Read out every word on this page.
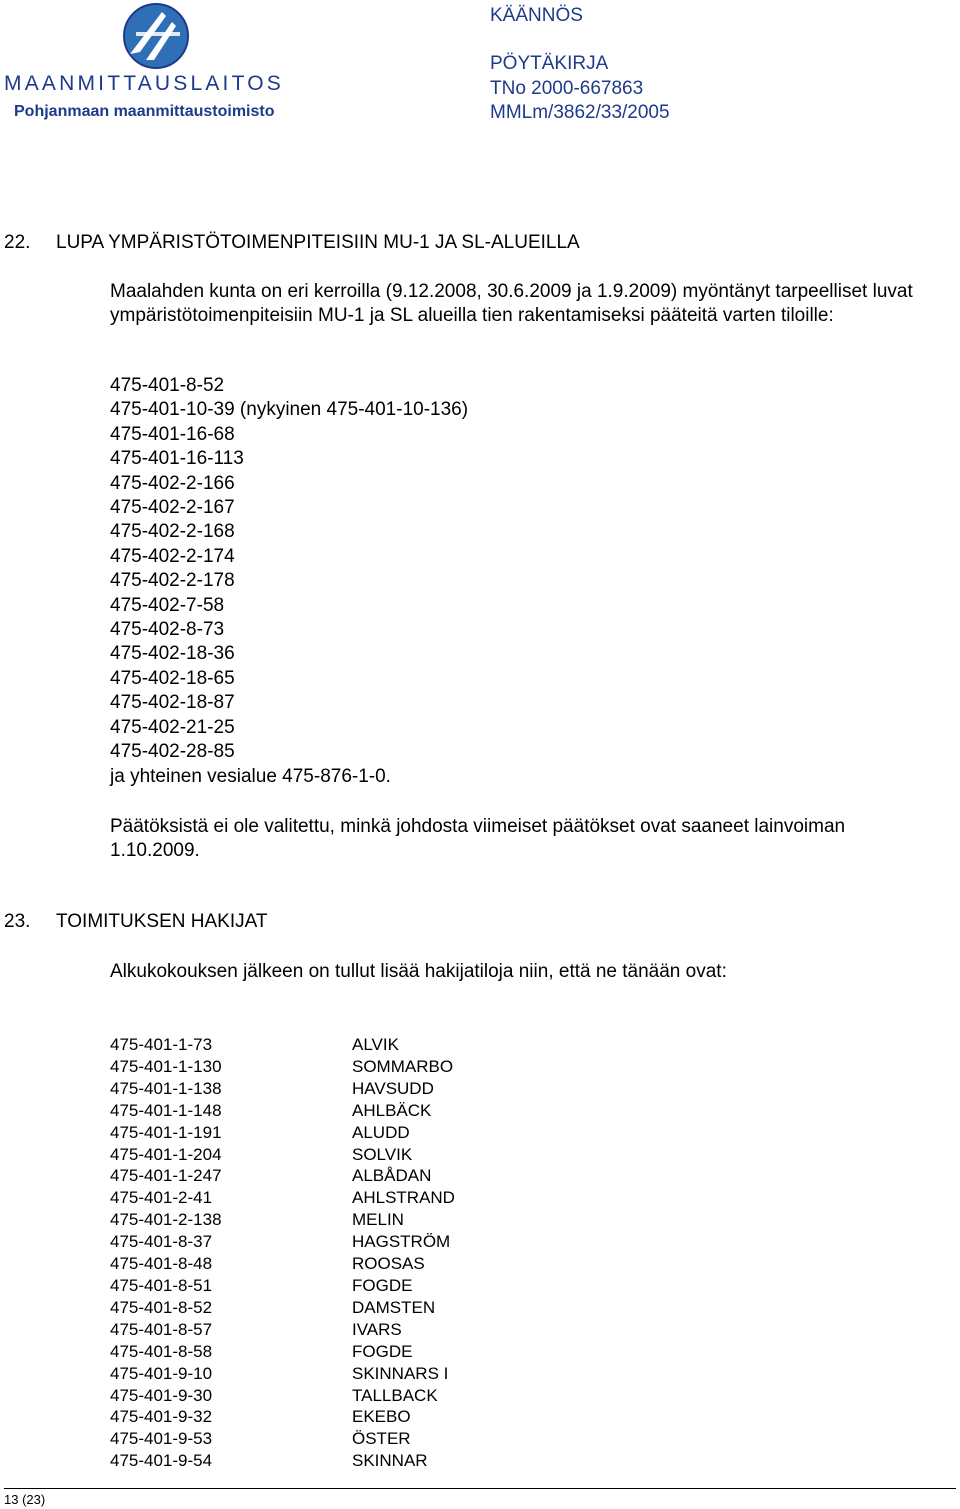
MAANMITTAUSLAITOS
Pohjanmaan maanmittaustoimisto
KÄÄNNÖS
PÖYTÄKIRJA
TNo 2000-667863
MMLm/3862/33/2005
22. LUPA YMPÄRISTÖTOIMENPITEISIIN MU-1 JA SL-ALUEILLA
Maalahden kunta on eri kerroilla (9.12.2008, 30.6.2009 ja 1.9.2009) myöntänyt tarpeelliset luvat ympäristötoimenpiteisiin MU-1 ja SL alueilla tien rakentamiseksi pääteitä varten tiloille:
475-401-8-52
475-401-10-39 (nykyinen 475-401-10-136)
475-401-16-68
475-401-16-113
475-402-2-166
475-402-2-167
475-402-2-168
475-402-2-174
475-402-2-178
475-402-7-58
475-402-8-73
475-402-18-36
475-402-18-65
475-402-18-87
475-402-21-25
475-402-28-85
ja yhteinen vesialue 475-876-1-0.
Päätöksistä ei ole valitettu, minkä johdosta viimeiset päätökset ovat saaneet lainvoiman 1.10.2009.
23. TOIMITUKSEN HAKIJAT
Alkukokouksen jälkeen on tullut lisää hakijatiloja niin, että ne tänään ovat:
475-401-1-73	ALVIK
475-401-1-130	SOMMARBO
475-401-1-138	HAVSUDD
475-401-1-148	AHLBÄCK
475-401-1-191	ALUDD
475-401-1-204	SOLVIK
475-401-1-247	ALBÅDAN
475-401-2-41	AHLSTRAND
475-401-2-138	MELIN
475-401-8-37	HAGSTRÖM
475-401-8-48	ROOSAS
475-401-8-51	FOGDE
475-401-8-52	DAMSTEN
475-401-8-57	IVARS
475-401-8-58	FOGDE
475-401-9-10	SKINNARS I
475-401-9-30	TALLBACK
475-401-9-32	EKEBO
475-401-9-53	ÖSTER
475-401-9-54	SKINNAR
13 (23)
